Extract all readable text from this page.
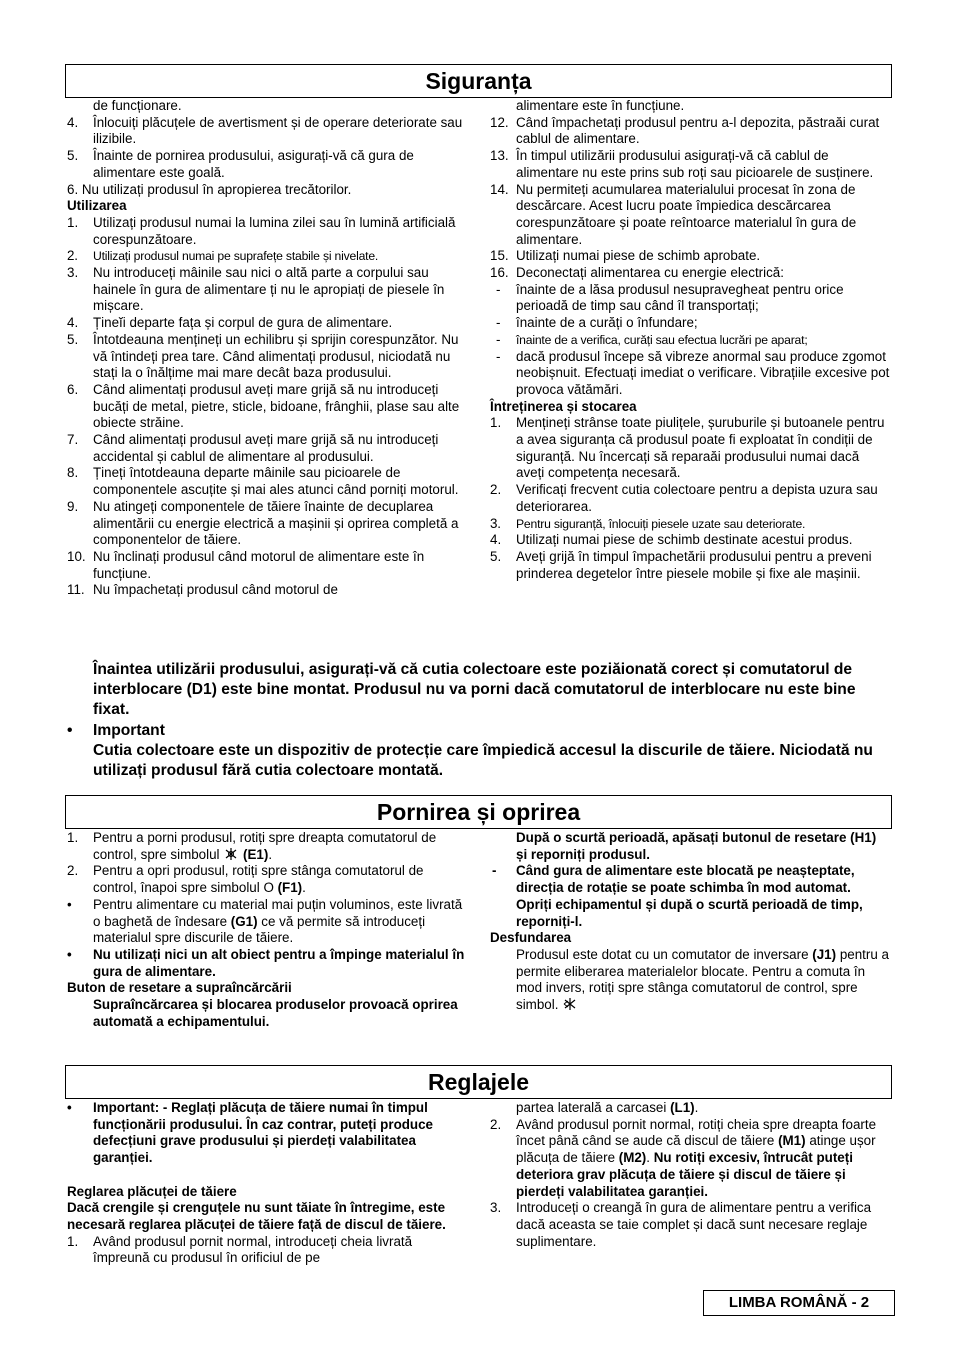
Siguranța

de funcționare.

4. Înlocuiți plăcuțele de avertisment și de operare deteriorate sau ilizibile.
5. Înainte de pornirea produsului, asigurați-vă că gura de alimentare este goală.

6. Nu utilizați produsul în apropierea trecătorilor.

Utilizarea

1. Utilizați produsul numai la lumina zilei sau în lumină artificială corespunzătoare.
2. Utilizați produsul numai pe suprafețe stabile și nivelate.
3. Nu introduceți mâinile sau nici o altă parte a corpului sau hainele în gura de alimentare ți nu le apropiați de piesele în mișcare.
4. Țineĭi departe fața și corpul de gura de alimentare.
5. Întotdeauna mențineți un echilibru și sprijin corespunzător. Nu vă întindeți prea tare. Când alimentați produsul, niciodată nu stați la o înălțime mai mare decât baza produsului.
6. Când alimentați produsul aveți mare grijă să nu introduceți bucăți de metal, pietre, sticle, bidoane, frânghii, plase sau alte obiecte străine.
7. Când alimentați produsul aveți mare grijă să nu introduceți accidental și cablul de alimentare al produsului.
8. Țineți întotdeauna departe mâinile sau picioarele de componentele ascuțite și mai ales atunci când porniți motorul.
9. Nu atingeți componentele de tăiere înainte de decuplarea alimentării cu energie electrică a mașinii și oprirea completă a componentelor de tăiere.
10. Nu înclinați produsul când motorul de alimentare este în funcțiune.
11. Nu împachetați produsul când motorul de

alimentare este în funcțiune.

12. Când împachetați produsul pentru a-l depozita, păstraăi curat cablul de alimentare.
13. În timpul utilizării produsului asigurați-vă că cablul de alimentare nu este prins sub roți sau picioarele de susținere.
14. Nu permiteți acumularea materialului procesat în zona de descărcare. Acest lucru poate împiedica descărcarea corespunzătoare și poate reîntoarce materialul în gura de alimentare.
15. Utilizați numai piese de schimb aprobate.
16. Deconectați alimentarea cu energie electrică:
- înainte de a lăsa produsul nesupravegheat pentru orice perioadă de timp sau când îl transportați;
- înainte de a curăți o înfundare;
- înainte de a verifica, curăți sau efectua lucrări pe aparat;
- dacă produsul începe să vibreze anormal sau produce zgomot neobișnuit. Efectuați imediat o verificare. Vibrațiile excesive pot provoca vătămări.

Întreținerea și stocarea

1. Mențineți strânse toate piulițele, șuruburile și butoanele pentru a avea siguranța că produsul poate fi exploatat în condiții de siguranță. Nu încercați să reparaăi produsului numai dacă aveți competența necesară.
2. Verificați frecvent cutia colectoare pentru a depista uzura sau deteriorarea.
3. Pentru siguranță, înlocuiți piesele uzate sau deteriorate.
4. Utilizați numai piese de schimb destinate acestui produs.
5. Aveți grijă în timpul împachetării produsului pentru a preveni prinderea degetelor între piesele mobile și fixe ale mașinii.

Înaintea utilizării produsului, asigurați-vă că cutia colectoare este poziăionată corect și comutatorul de interblocare (D1) este bine montat. Produsul nu va porni dacă comutatorul de interblocare nu este bine fixat.

• Important

Cutia colectoare este un dispozitiv de protecție care împiedică accesul la discurile de tăiere. Niciodată nu utilizați produsul fără cutia colectoare montată.

Pornirea și oprirea
1. Pentru a porni produsul, rotiți spre dreapta comutatorul de control, spre simbolul (E1).
2. Pentru a opri produsul, rotiți spre stânga comutatorul de control, înapoi spre simbolul O (F1).
• Pentru alimentare cu material mai puțin voluminos, este livrată o baghetă de îndesare (G1) ce vă permite să introduceți materialul spre discurile de tăiere.
• Nu utilizați nici un alt obiect pentru a împinge materialul în gura de alimentare.

Buton de resetare a supraîncărcării

Supraîncărcarea și blocarea produselor provoacă oprirea automată a echipamentului.

După o scurtă perioadă, apăsați butonul de resetare (H1) și reporniți produsul.

- Când gura de alimentare este blocată pe neașteptate, direcția de rotație se poate schimba în mod automat. Opriți echipamentul și după o scurtă perioadă de timp, reporniți-l.

Desfundarea

Produsul este dotat cu un comutator de inversare (J1) pentru a permite eliberarea materialelor blocate. Pentru a comuta în mod invers, rotiți spre stânga comutatorul de control, spre simbol.

Reglajele
• Important: - Reglați plăcuța de tăiere numai în timpul funcționării produsului. În caz contrar, puteți produce defecțiuni grave produsului și pierdeți valabilitatea garanției.

Reglarea plăcuței de tăiere

Dacă crengile și crenguțele nu sunt tăiate în întregime, este necesară reglarea plăcuței de tăiere față de discul de tăiere.

1. Având produsul pornit normal, introduceți cheia livrată împreună cu produsul în orificiul de pe

partea laterală a carcasei (L1).

2. Având produsul pornit normal, rotiți cheia spre dreapta foarte încet până când se aude că discul de tăiere (M1) atinge ușor plăcuța de tăiere (M2). Nu rotiți excesiv, întrucât puteți deteriora grav plăcuța de tăiere și discul de tăiere și pierdeți valabilitatea garanției.
3. Introduceți o creangă în gura de alimentare pentru a verifica dacă aceasta se taie complet și dacă sunt necesare reglaje suplimentare.
LIMBA ROMÂNĂ - 2
